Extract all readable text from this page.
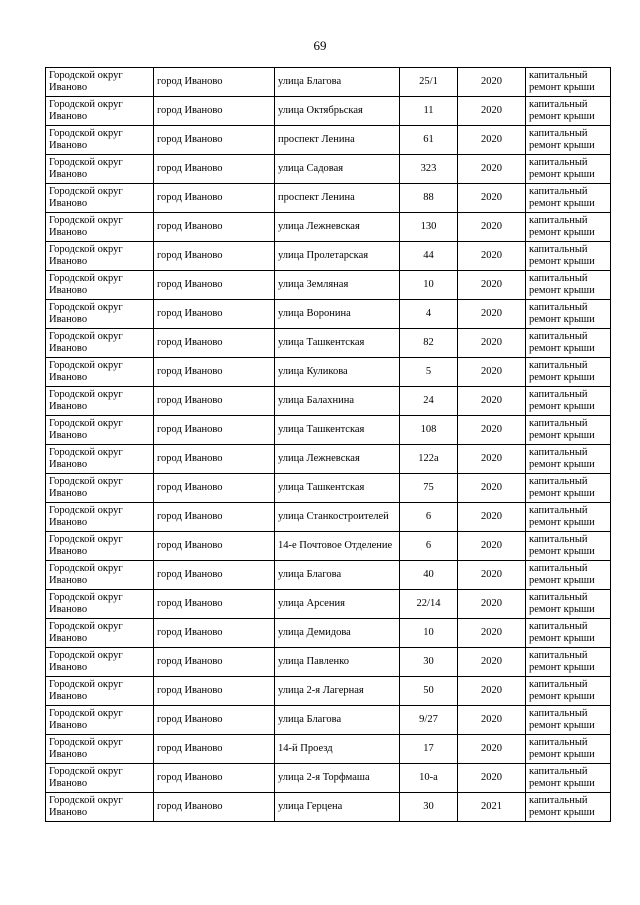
69
Городской округ Иваново	город Иваново	улица Благова	25/1	2020	капитальный ремонт крыши
Городской округ Иваново	город Иваново	улица Октябрьская	11	2020	капитальный ремонт крыши
Городской округ Иваново	город Иваново	проспект Ленина	61	2020	капитальный ремонт крыши
Городской округ Иваново	город Иваново	улица Садовая	323	2020	капитальный ремонт крыши
Городской округ Иваново	город Иваново	проспект Ленина	88	2020	капитальный ремонт крыши
Городской округ Иваново	город Иваново	улица Лежневская	130	2020	капитальный ремонт крыши
Городской округ Иваново	город Иваново	улица Пролетарская	44	2020	капитальный ремонт крыши
Городской округ Иваново	город Иваново	улица Земляная	10	2020	капитальный ремонт крыши
Городской округ Иваново	город Иваново	улица Воронина	4	2020	капитальный ремонт крыши
Городской округ Иваново	город Иваново	улица Ташкентская	82	2020	капитальный ремонт крыши
Городской округ Иваново	город Иваново	улица Куликова	5	2020	капитальный ремонт крыши
Городской округ Иваново	город Иваново	улица Балахнина	24	2020	капитальный ремонт крыши
Городской округ Иваново	город Иваново	улица Ташкентская	108	2020	капитальный ремонт крыши
Городской округ Иваново	город Иваново	улица Лежневская	122а	2020	капитальный ремонт крыши
Городской округ Иваново	город Иваново	улица Ташкентская	75	2020	капитальный ремонт крыши
Городской округ Иваново	город Иваново	улица Станкостроителей	6	2020	капитальный ремонт крыши
Городской округ Иваново	город Иваново	14-е Почтовое Отделение	6	2020	капитальный ремонт крыши
Городской округ Иваново	город Иваново	улица Благова	40	2020	капитальный ремонт крыши
Городской округ Иваново	город Иваново	улица Арсения	22/14	2020	капитальный ремонт крыши
Городской округ Иваново	город Иваново	улица Демидова	10	2020	капитальный ремонт крыши
Городской округ Иваново	город Иваново	улица Павленко	30	2020	капитальный ремонт крыши
Городской округ Иваново	город Иваново	улица 2-я Лагерная	50	2020	капитальный ремонт крыши
Городской округ Иваново	город Иваново	улица Благова	9/27	2020	капитальный ремонт крыши
Городской округ Иваново	город Иваново	14-й Проезд	17	2020	капитальный ремонт крыши
Городской округ Иваново	город Иваново	улица 2-я Торфмаша	10-а	2020	капитальный ремонт крыши
Городской округ Иваново	город Иваново	улица Герцена	30	2021	капитальный ремонт крыши
